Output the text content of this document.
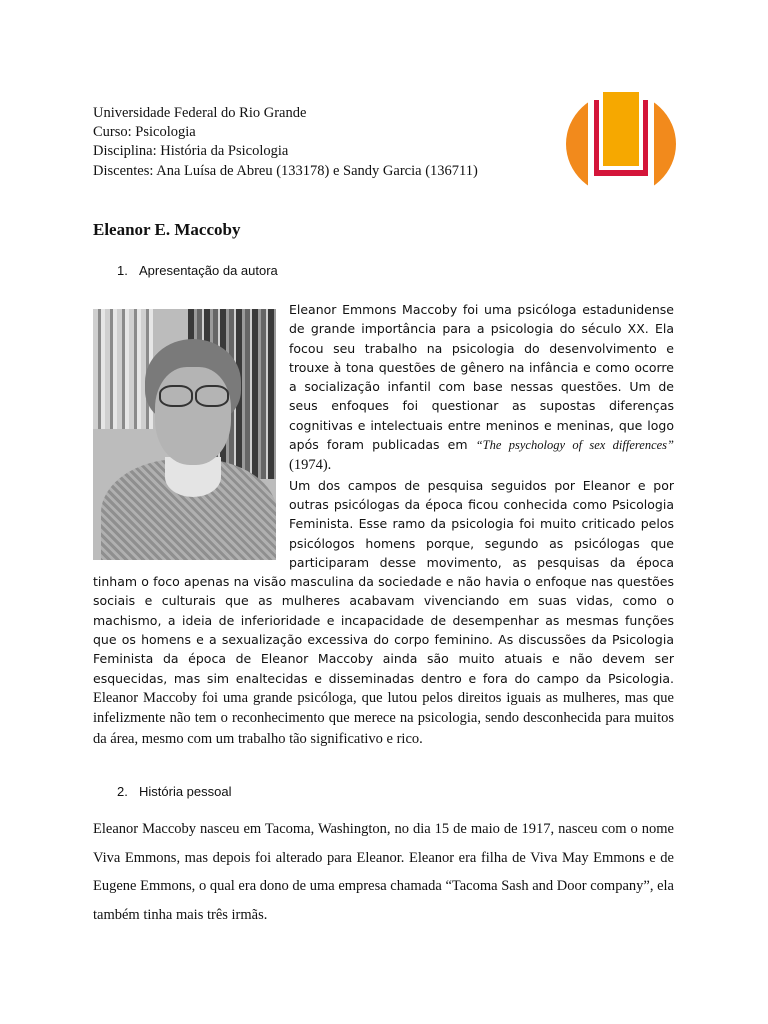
Universidade Federal do Rio Grande
Curso: Psicologia
Disciplina: História da Psicologia
Discentes: Ana Luísa de Abreu (133178) e Sandy Garcia (136711)
Eleanor E. Maccoby
1. Apresentação da autora

Eleanor Emmons Maccoby foi uma psicóloga estadunidense de grande importância para a psicologia do século XX. Ela focou seu trabalho na psicologia do desenvolvimento e trouxe à tona questões de gênero na infância e como ocorre a socialização infantil com base nessas questões. Um de seus enfoques foi questionar as supostas diferenças cognitivas e intelectuais entre meninos e meninas, que logo após foram publicadas em “The psychology of sex differences” (1974).

Um dos campos de pesquisa seguidos por Eleanor e por outras psicólogas da época ficou conhecida como Psicologia Feminista. Esse ramo da psicologia foi muito criticado pelos psicólogos homens porque, segundo as psicólogas que participaram desse movimento, as pesquisas da época tinham o foco apenas na visão masculina da sociedade e não havia o enfoque nas questões sociais e culturais que as mulheres acabavam vivenciando em suas vidas, como o machismo, a ideia de inferioridade e incapacidade de desempenhar as mesmas funções que os homens e a sexualização excessiva do corpo feminino. As discussões da Psicologia Feminista da época de Eleanor Maccoby ainda são muito atuais e não devem ser esquecidas, mas sim enaltecidas e disseminadas dentro e fora do campo da Psicologia. Eleanor Maccoby foi uma grande psicóloga, que lutou pelos direitos iguais as mulheres, mas que infelizmente não tem o reconhecimento que merece na psicologia, sendo desconhecida para muitos da área, mesmo com um trabalho tão significativo e rico.

2. História pessoal
Eleanor Maccoby nasceu em Tacoma, Washington, no dia 15 de maio de 1917, nasceu com o nome Viva Emmons, mas depois foi alterado para Eleanor. Eleanor era filha de Viva May Emmons e de Eugene Emmons, o qual era dono de uma empresa chamada “Tacoma Sash and Door company”, ela também tinha mais três irmãs.
